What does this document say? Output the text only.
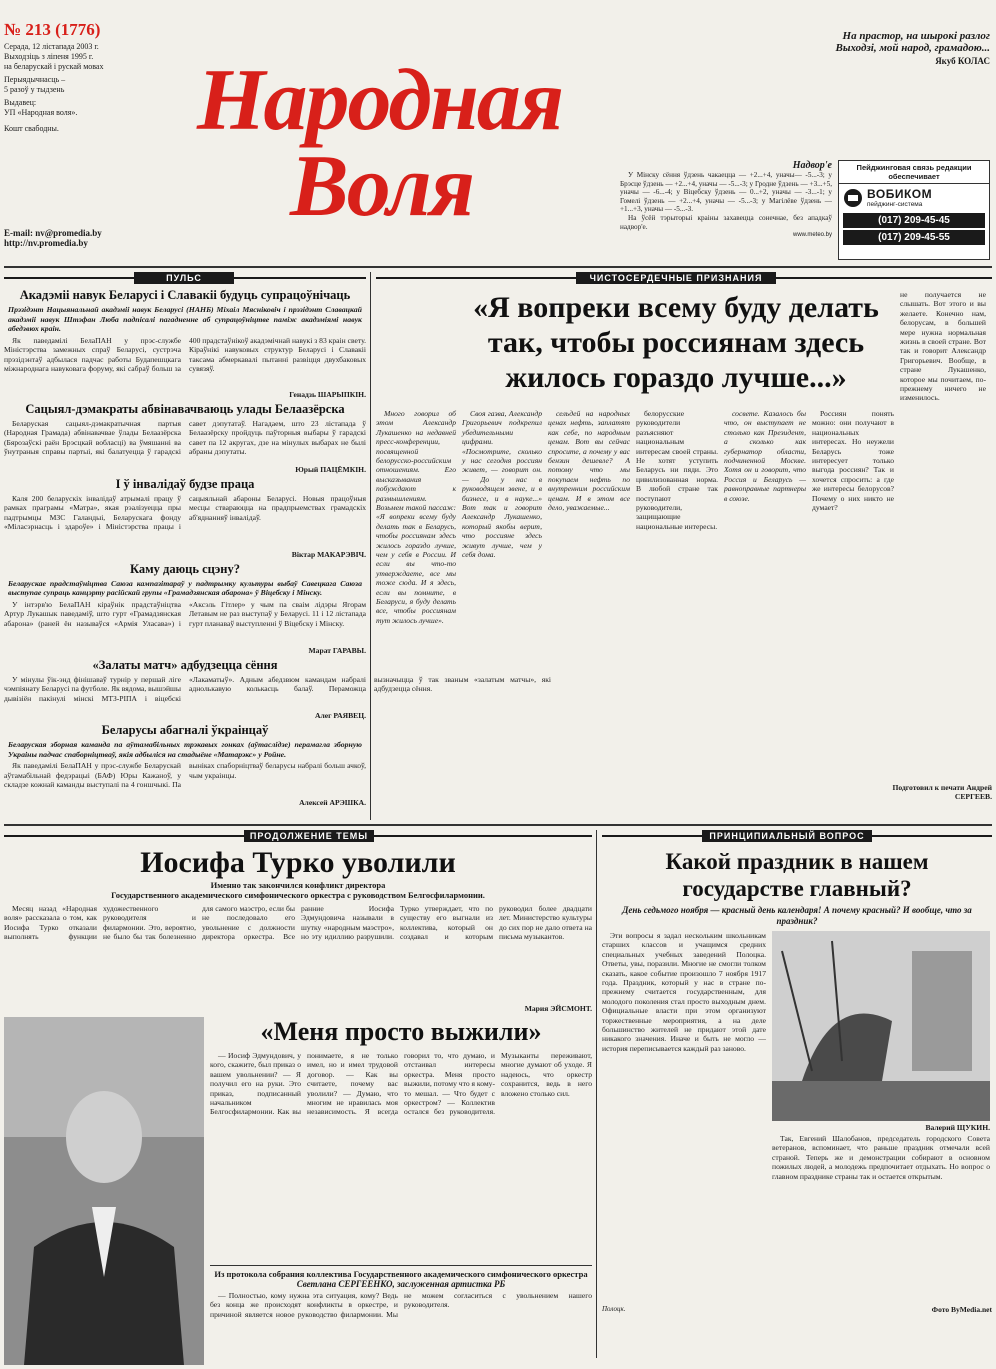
№ 213 (1776)
Серада, 12 лістапада 2003 г.
Выходзіць з ліпеня 1995 г.
на беларускай і рускай мовах
Перыядычнасць –
5 разоў у тыдзень
Выдавец:
УП «Народная воля».
Кошт свабодны.	Народная
Воля
E-mail: nv@promedia.by
http://nv.promedia.by
На прастор, на шырокі разлог
Выходзі, мой народ, грамадою...
Якуб КОЛАС
Надвор'е
У Мінску сёння ўдзень чакаецца — +2...+4, уначы— -5...-3; у Брэсце ўдзень — +2...+4, уначы — -5...-3; у Гродне ўдзень — +3...+5, уначы — -6...-4; у Віцебску ўдзень — 0...+2, уначы — -3...-1; у Гомелі ўдзень — +2...+4, уначы — -5...-3; у Магілёве ўдзень — +1...+3, уначы — -5...-3.
На ўсёй тэрыторыі краіны захавецца сонечнае, без ападкаў надвор'е.
www.meteo.by
Пейджинговая связь редакции обеспечивает
ВОБИКОМ
пейджинг-система
(017) 209-45-45
(017) 209-45-55
ПУЛЬС
Акадэміі навук Беларусі і Славакіі будуць супрацоўнічаць
Прэзідэнт Нацыянальнай акадэміі навук Беларусі (НАНБ) Міхаіл Мясніковіч і прэзідэнт Славацкай акадэміі навук Штэфан Люба падпісалі пагадненне аб супрацоўніцтве паміж акадэміямі навук абедзвюх краін.
Як паведамілі БелаПАН у прэс-службе Міністэрства замежных спраў Беларусі, сустрэча прэзідэнтаў адбылася падчас работы Будапешцкага міжнароднага навуковага форуму, які сабраў больш за 400 прадстаўнікоў акадэмічнай навукі з 83 краін свету. Кіраўнікі навуковых структур Беларусі і Славакіі таксама абмеркавалі пытанні развіцця двухбаковых сувязяў.
Генадзь ШАРЫПКІН.
Сацыял-дэмакраты абвінавачваюць улады Белаазёрска
Беларуская сацыял-дэмакратычная партыя (Народная Грамада) абвінавачвае ўлады Белаазёрска (Бярозаўскі раён Брэсцкай вобласці) ва ўмяшанні ва ўнутраныя справы партыі, які балатуецца ў гарадскі савет дэпутатаў. Нагадаем, што 23 лістапада ў Белаазёрску пройдуць паўторныя выбары ў гарадскі савет па 12 акругах, дзе на мінулых выбарах не былі абраны дэпутаты.
Юрый ПАЦЁМКІН.
І ў інвалідаў будзе праца
Каля 200 беларускіх інвалідаў атрымалі працу ў рамках праграмы «Матра», якая рэалізуецца пры падтрымцы МЗС Галандыі, Беларускага фонду «Міласэрнасць і здароўе» і Міністэрства працы і сацыяльнай абароны Беларусі. Новыя працоўныя месцы ствараюцца на прадпрыемствах грамадскіх аб'яднанняў інвалідаў.
Віктар МАКАРЭВІЧ.
Каму даюць сцэну?
Беларускае прадстаўніцтва Саюза кампазітараў у падтрымку культуры выбаў Савецкага Саюза выступае супраць канцэрту расійскай групы «Грамадзянская абарона» ў Віцебску і Мінску.
У інтэрв'ю БелаПАН кіраўнік прадстаўніцтва Артур Лукашык паведаміў, што гурт «Грамадзянская абарона» (раней ён называўся «Армія Уласава») і «Аксэль Гітлер» у чым па сваім лідэры Ягорам Летавым не раз выступаў у Беларусі. 11 і 12 лістапада гурт планаваў выступленні ў Віцебску і Мінску.
Марат ГАРАВЫ.
«Залаты матч» адбудзецца сёння
У мінулы ўік-энд фінішаваў турнір у першай ліге чэмпіянату Беларусі па футболе. Як вядома, вышэйшы дывізіён пакінулі мінскі МТЗ-РІПА і віцебскі «Лакаматыў». Адным абедзвюм камандам набралі аднолькавую колькасць балаў. Пераможца вызначыцца ў так званым «залатым матчы», які адбудзецца сёння.
Алег РАЯВЕЦ.
Беларусы абагналі ўкраінцаў
Беларуская зборная каманда па аўтамабільных трэкавых гонках (аўтаслідзе) перамагла зборную Украіны падчас спаборніцтваў, якія адбыліся на стадыёне «Матарэкс» у Ройне.
Як паведамілі БелаПАН у прэс-службе Беларускай аўтамабільнай федэрацыі (БАФ) Юры Кажаноў, у складзе кожнай каманды выступалі па 4 гоншчыкі. Па выніках спаборніцтваў беларусы набралі больш ачкоў, чым украінцы.
Алексей АРЭШКА.
ЧИСТОСЕРДЕЧНЫЕ ПРИЗНАНИЯ
«Я вопреки всему буду делать так, чтобы россиянам здесь жилось гораздо лучше...»
не получается не слышать. Вот этого и вы желаете. Конечно нам, белорусам, в большей мере нужна нормальная жизнь в своей стране. Вот так и говорит Александр Григорьевич. Вообще, в стране Лукашенко, которое мы почитаем, по-прежнему ничего не изменилось.

Много говорил об этом Александр Лукашенко на недавней пресс-конференции, посвященной белорусско-российским отношениям. Его высказывания побуждают к размышлениям. Возьмем такой пассаж: «Я вопреки всему буду делать так в Беларусь, чтобы россиянам здесь жилось гораздо лучше, чем у себя в России. И если вы что-то утверждаете, все мы тоже сюда. И я здесь, если вы помните, в Беларуси, я буду делать все, чтобы россиянам тут жилось лучше».

Своя газва, Александр Григорьевич подкрепил убедительными цифрами. «Посмотрите, сколько у нас сегодня россиян живет, — говорит он. — До у нас в руководящем звене, и в бизнесе, и в науке...» Вот так и говорит Александр Лукашенко, который якобы верит, что россияне здесь живут лучше, чем у себя дома.

сельдей на народных ценах нефть, заплатят как себе, по народным ценам. Вот вы сейчас спросите, а почему у вас бензин дешевле? А потому что мы покупаем нефть по внутренним российским ценам. И в этом все дело, уважаемые...

белорусские руководители разъясняют национальным интересам своей страны. Не хотят уступить Беларусь ни пяди. Это цивилизованная норма. В любой стране так поступают руководители, защищающие национальные интересы.

сосвете. Казалось бы что, он выступает не столько как Президент, а сколько как губернатор области, подчиненной Москве. Хотя он и говорит, что Россия и Беларусь — равноправные партнеры в союзе.

Россиян понять можно: они получают в национальных интересах. Но неужели Беларусь тоже интересует только выгода россиян? Так и хочется спросить: а где же интересы белорусов? Почему о них никто не думает?

Подготовил к печати Андрей СЕРГЕЕВ.
ПРОДОЛЖЕНИЕ ТЕМЫ
Иосифа Турко уволили
Именно так закончился конфликт директора
Государственного академического симфонического оркестра с руководством Белгосфилармонии.
Месяц назад «Народная воля» рассказала о том, как Иосифа Турко отказали выполнять функции художественного руководителя и филармонии. Это, вероятно, не было бы так болезненно для самого маэстро, если бы не последовало его увольнение с должности директора оркестра. Все ранние Иосифа Эдмундовича называли в шутку «народным маэстро», но эту идиллию разрушили. Турко утверждает, что по существу его выгнали из коллектива, который он создавал и которым руководил более двадцати лет. Министерство культуры до сих пор не дало ответа на письма музыкантов.
Мария ЭЙСМОНТ.
«Меня просто выжили»
— Иосиф Эдмундович, у кого, скажите, был приказ о вашем увольнении? — Я получил его на руки. Это приказ, подписанный начальником Белгосфилармонии. Как вы понимаете, я не только имел, но и имел трудовой договор. — Как вы считаете, почему вас уволили? — Думаю, что многим не нравилась моя независимость. Я всегда говорил то, что думаю, и отстаивал интересы оркестра. Меня просто выжили, потому что я кому-то мешал. — Что будет с оркестром? — Коллектив остался без руководителя. Музыканты переживают, многие думают об уходе. Я надеюсь, что оркестр сохранится, ведь в него вложено столько сил.
Из протокола собрания коллектива Государственного академического симфонического оркестра
Светлана СЕРГЕЕНКО, заслуженная артистка РБ
— Полностью, кому нужна эта ситуация, кому? Ведь без конца же происходят конфликты в оркестре, и причиной является новое руководство филармонии. Мы не можем согласиться с увольнением нашего руководителя.
ПРИНЦИПИАЛЬНЫЙ ВОПРОС
Какой праздник в нашем государстве главный?
День седьмого ноября — красный день календаря! А почему красный? И вообще, что за праздник?
Эти вопросы я задал нескольким школьникам старших классов и учащимся средних специальных учебных заведений Полоцка. Ответы, увы, поразили. Многие не смогли толком сказать, какое событие произошло 7 ноября 1917 года. Праздник, который у нас в стране по-прежнему считается государственным, для молодого поколения стал просто выходным днем. Официальные власти при этом организуют торжественные мероприятия, а на деле большинство жителей не придают этой дате никакого значения. Иначе и быть не могло — история переписывается каждый раз заново.
Валерий ЩУКИН.
Так, Евгений Шалобанов, председатель городского Совета ветеранов, вспоминает, что раньше праздник отмечали всей страной. Теперь же и демонстрации собирают в основном пожилых людей, а молодежь предпочитает отдыхать. Но вопрос о главном празднике страны так и остается открытым.
Полоцк.	Фото ByMedia.net
